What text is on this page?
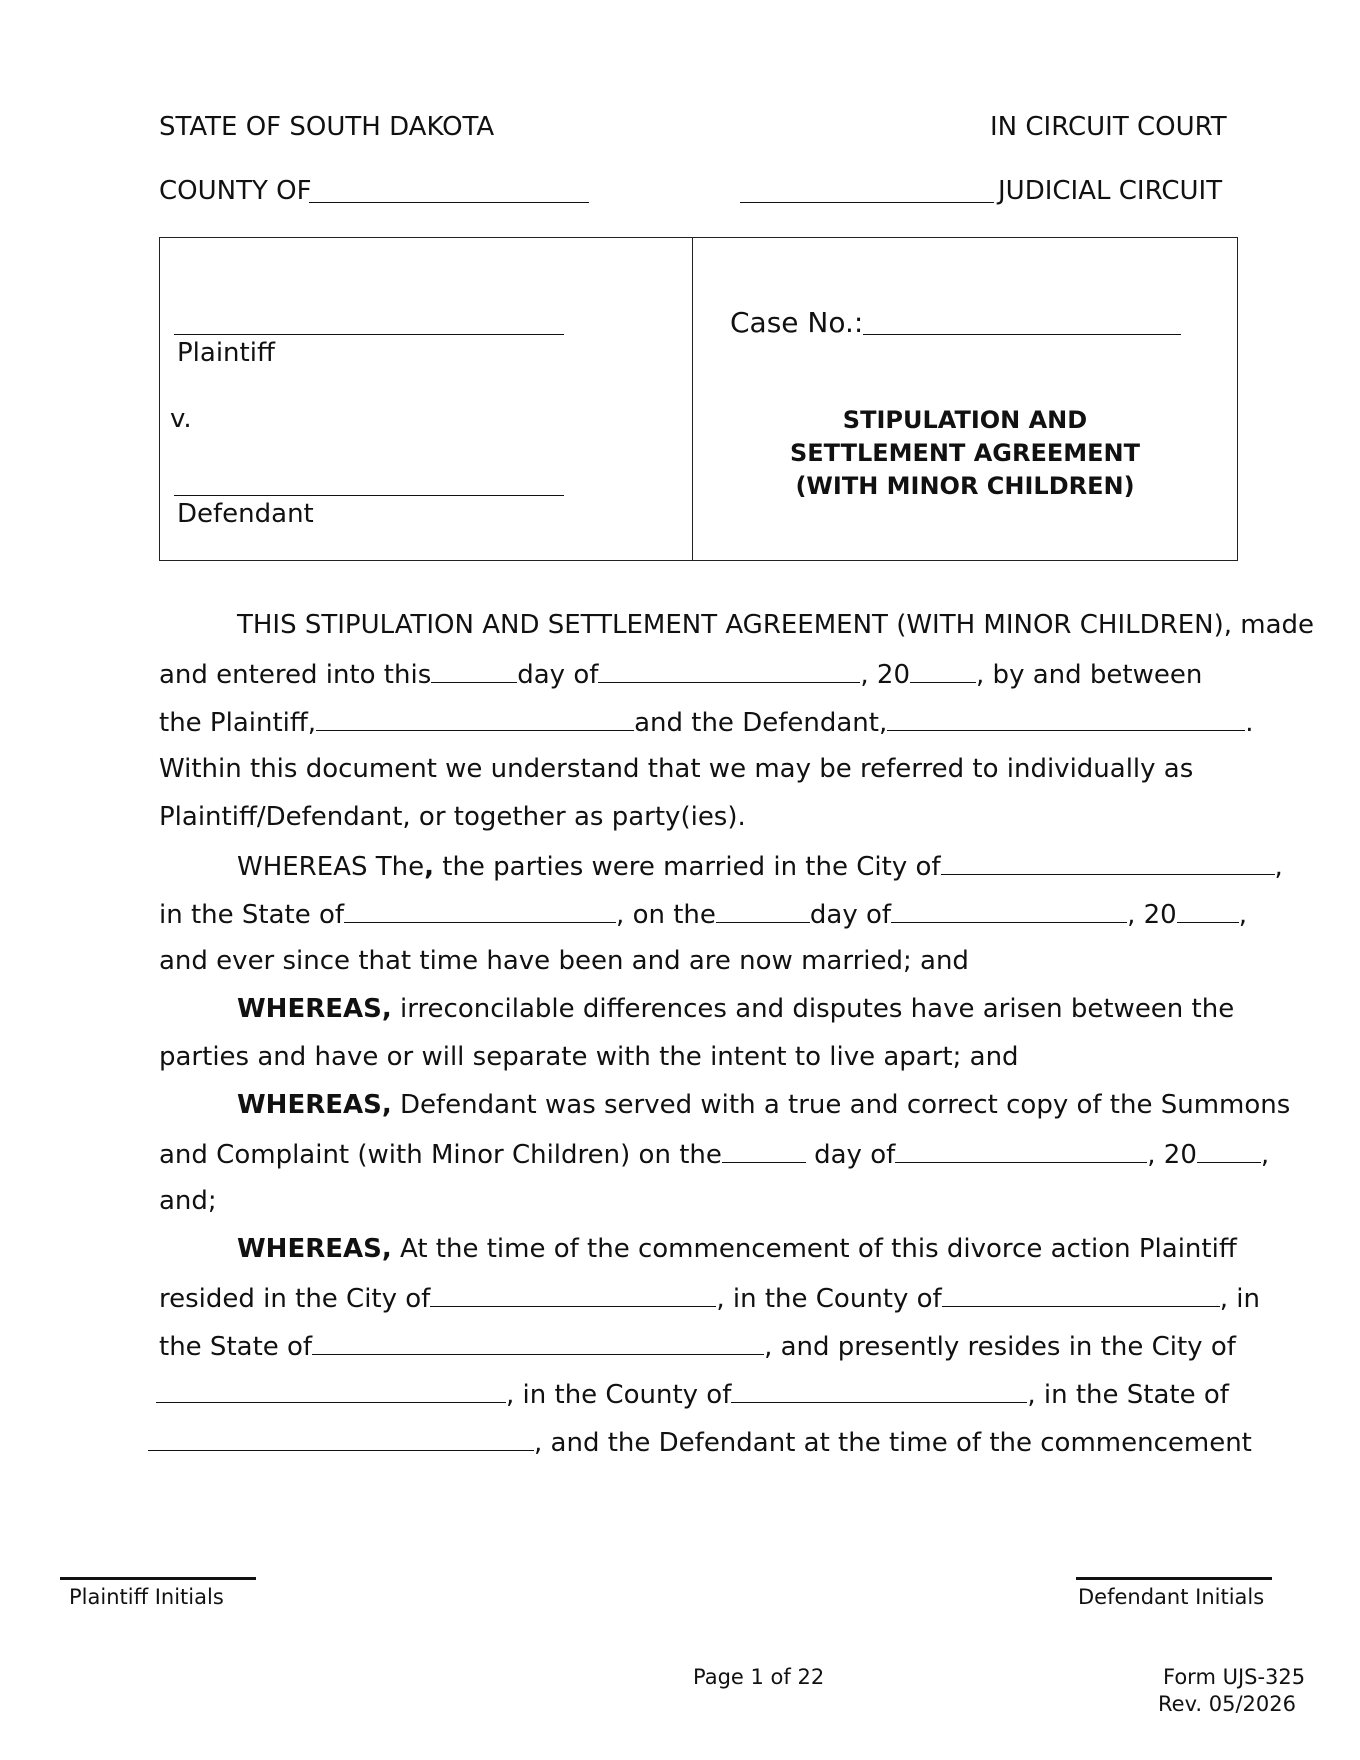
STATE OF SOUTH DAKOTA	IN CIRCUIT COURT
COUNTY OF	JUDICIAL CIRCUIT
Plaintiff
v.
Defendant
Case No.:
STIPULATION AND
SETTLEMENT AGREEMENT
(WITH MINOR CHILDREN)
THIS STIPULATION AND SETTLEMENT AGREEMENT (WITH MINOR CHILDREN), made
and entered into this	day of	, 20	, by and between
the Plaintiff,	and the Defendant,	.
Within this document we understand that we may be referred to individually as
Plaintiff/Defendant, or together as party(ies).
WHEREAS The, the parties were married in the City of	,
in the State of	, on the	day of	, 20 ,
and ever since that time have been and are now married; and
WHEREAS, irreconcilable differences and disputes have arisen between the
parties and have or will separate with the intent to live apart; and
WHEREAS, Defendant was served with a true and correct copy of the Summons
and Complaint (with Minor Children) on the	day of	, 20 ,
and;
WHEREAS, At the time of the commencement of this divorce action Plaintiff
resided in the City of	, in the County of	, in
the State of	, and presently resides in the City of
, in the County of	, in the State of
, and the Defendant at the time of the commencement
Plaintiff Initials	Defendant Initials
Page 1 of 22	Form UJS-325
Rev. 05/2026
